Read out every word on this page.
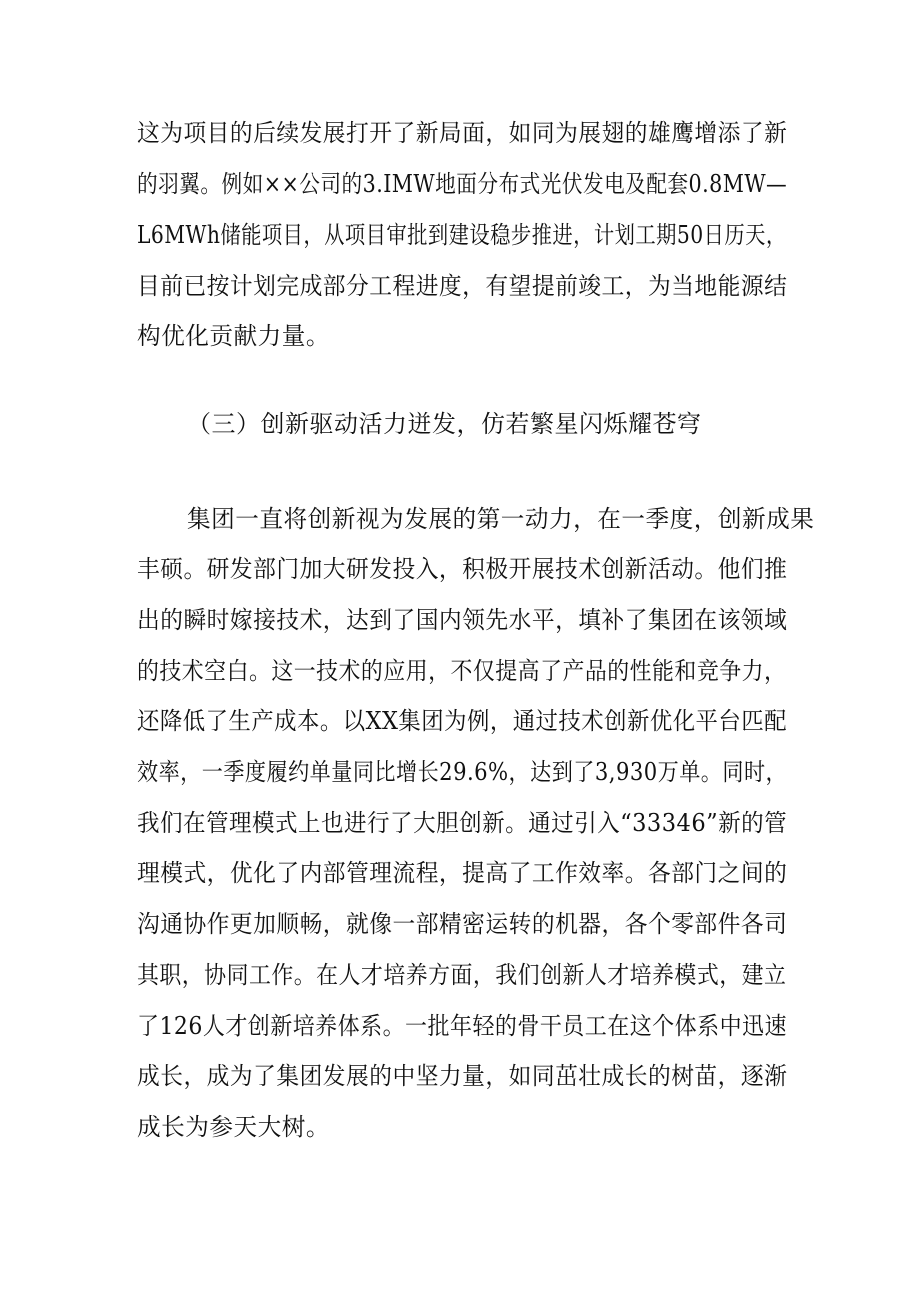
这为项目的后续发展打开了新局面，如同为展翅的雄鹰增添了新
的羽翼。例如××公司的3.IMW地面分布式光伏发电及配套0.8MW—
L6MWh储能项目，从项目审批到建设稳步推进，计划工期50日历天，
目前已按计划完成部分工程进度，有望提前竣工，为当地能源结
构优化贡献力量。
（三）创新驱动活力迸发，仿若繁星闪烁耀苍穹
集团一直将创新视为发展的第一动力，在一季度，创新成果
丰硕。研发部门加大研发投入，积极开展技术创新活动。他们推
出的瞬时嫁接技术，达到了国内领先水平，填补了集团在该领域
的技术空白。这一技术的应用，不仅提高了产品的性能和竞争力，
还降低了生产成本。以XX集团为例，通过技术创新优化平台匹配
效率，一季度履约单量同比增长29.6%，达到了3,930万单。同时，
我们在管理模式上也进行了大胆创新。通过引入“33346”新的管
理模式，优化了内部管理流程，提高了工作效率。各部门之间的
沟通协作更加顺畅，就像一部精密运转的机器，各个零部件各司
其职，协同工作。在人才培养方面，我们创新人才培养模式，建立
了126人才创新培养体系。一批年轻的骨干员工在这个体系中迅速
成长，成为了集团发展的中坚力量，如同茁壮成长的树苗，逐渐
成长为参天大树。
